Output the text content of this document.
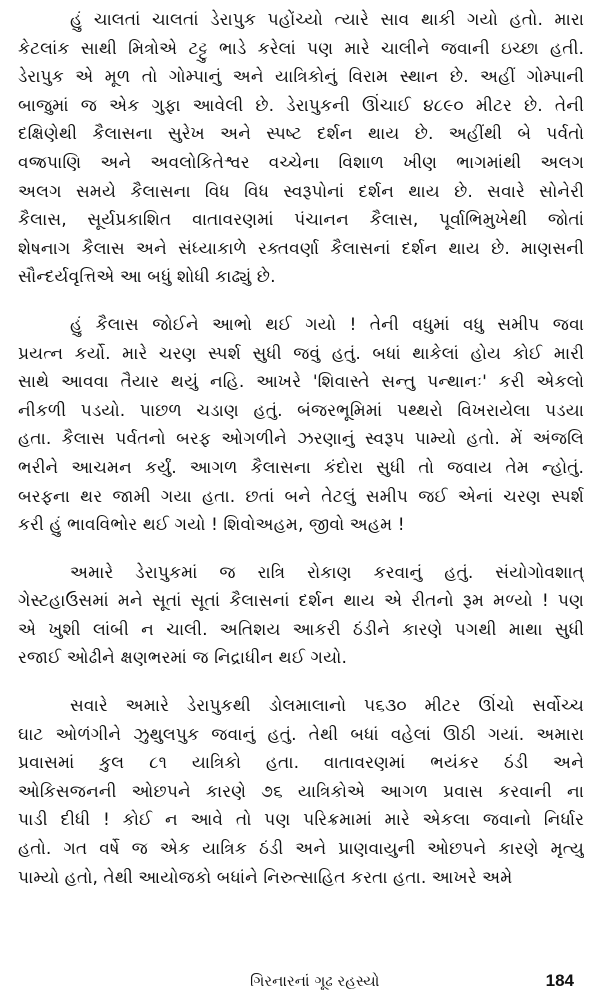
હું ચાલતાં ચાલતાં ડેરાપુક પહોંચ્યો ત્યારે સાવ થાકી ગયો હતો. મારા
કેટલાંક સાથી મિત્રોએ ટટ્ટુ ભાડે કરેલાં પણ મારે ચાલીને જવાની ઇચ્છા હતી.
ડેરાપુક એ મૂળ તો ગોમ્પાનું અને યાત્રિકોનું વિરામ સ્થાન છે. અહીં ગોમ્પાની
બાજુમાં જ એક ગુફા આવેલી છે. ડેરાપુકની ઊંચાઈ ૪૮૯૦ મીટર છે. તેની
દક્ષિણેથી કૈલાસના સુરેખ અને સ્પષ્ટ દર્શન થાય છે. અહીંથી બે પર્વતો
વજ્રપાણિ અને અવલોકિતેશ્વર વચ્ચેના વિશાળ ખીણ ભાગમાંથી અલગ
અલગ સમયે કૈલાસના વિધ વિધ સ્વરૂપોનાં દર્શન થાય છે. સવારે સોનેરી
કૈલાસ, સૂર્યપ્રકાશિત વાતાવરણમાં પંચાનન કૈલાસ, પૂર્વાભિમુખેથી જોતાં
શેષનાગ કૈલાસ અને સંધ્યાકાળે રક્તવર્ણા કૈલાસનાં દર્શન થાય છે. માણસની
સૌન્દર્યવૃત્તિએ આ બધું શોધી કાઢ્યું છે.
હું કૈલાસ જોઈને આભો થઈ ગયો ! તેની વધુમાં વધુ સમીપ જવા
પ્રયત્ન કર્યો. મારે ચરણ સ્પર્શ સુધી જવું હતું. બધાં થાકેલાં હોય કોઈ મારી
સાથે આવવા તૈયાર થયું નહિ. આખરે 'શિવાસ્તે સન્તુ પન્થાનઃ' કરી એકલો
નીકળી પડયો. પાછળ ચડાણ હતું. બંજરભૂમિમાં પથ્થરો વિખરાયેલા પડયા
હતા. કૈલાસ પર્વતનો બરફ ઓગળીને ઝરણાનું સ્વરૂપ પામ્યો હતો. મેં અંજલિ
ભરીને આચમન કર્યું. આગળ કૈલાસના કંદોરા સુધી તો જવાય તેમ ન્હોતું.
બરફના થર જામી ગયા હતા. છતાં બને તેટલું સમીપ જઈ એનાં ચરણ સ્પર્શ
કરી હું ભાવવિભોર થઈ ગયો ! શિવોઅહમ, જીવો અહમ !
અમારે ડેરાપુકમાં જ રાત્રિ રોકાણ કરવાનું હતું. સંયોગોવશાત્
ગેસ્ટહાઉસમાં મને સૂતાં સૂતાં કૈલાસનાં દર્શન થાય એ રીતનો રૂમ મળ્યો ! પણ
એ ખુશી લાંબી ન ચાલી. અતિશય આકરી ઠંડીને કારણે પગથી માથા સુધી
રજાઈ ઓઢીને ક્ષણભરમાં જ નિદ્રાધીન થઈ ગયો.
સવારે અમારે ડેરાપુકથી ડોલમાલાનો ૫૬૩૦ મીટર ઊંચો સર્વોચ્ચ
ઘાટ ઓળંગીને ઝુથુલપુક જવાનું હતું. તેથી બધાં વહેલાં ઊઠી ગયાં. અમારા
પ્રવાસમાં કુલ ૮૧ યાત્રિકો હતા. વાતાવરણમાં ભયંકર ઠંડી અને
ઓકિસજનની ઓછપને કારણે ૭૬ યાત્રિકોએ આગળ પ્રવાસ કરવાની ના
પાડી દીધી ! કોઈ ન આવે તો પણ પરિક્રમામાં મારે એકલા જવાનો નિર્ધાર
હતો. ગત વર્ષે જ એક યાત્રિક ઠંડી અને પ્રાણવાયુની ઓછપને કારણે મૃત્યુ
પામ્યો હતો, તેથી આયોજકો બધાંને નિરુત્સાહિત કરતા હતા. આખરે અમે
ગિરનારનાં ગૂઢ રહસ્યો	184
